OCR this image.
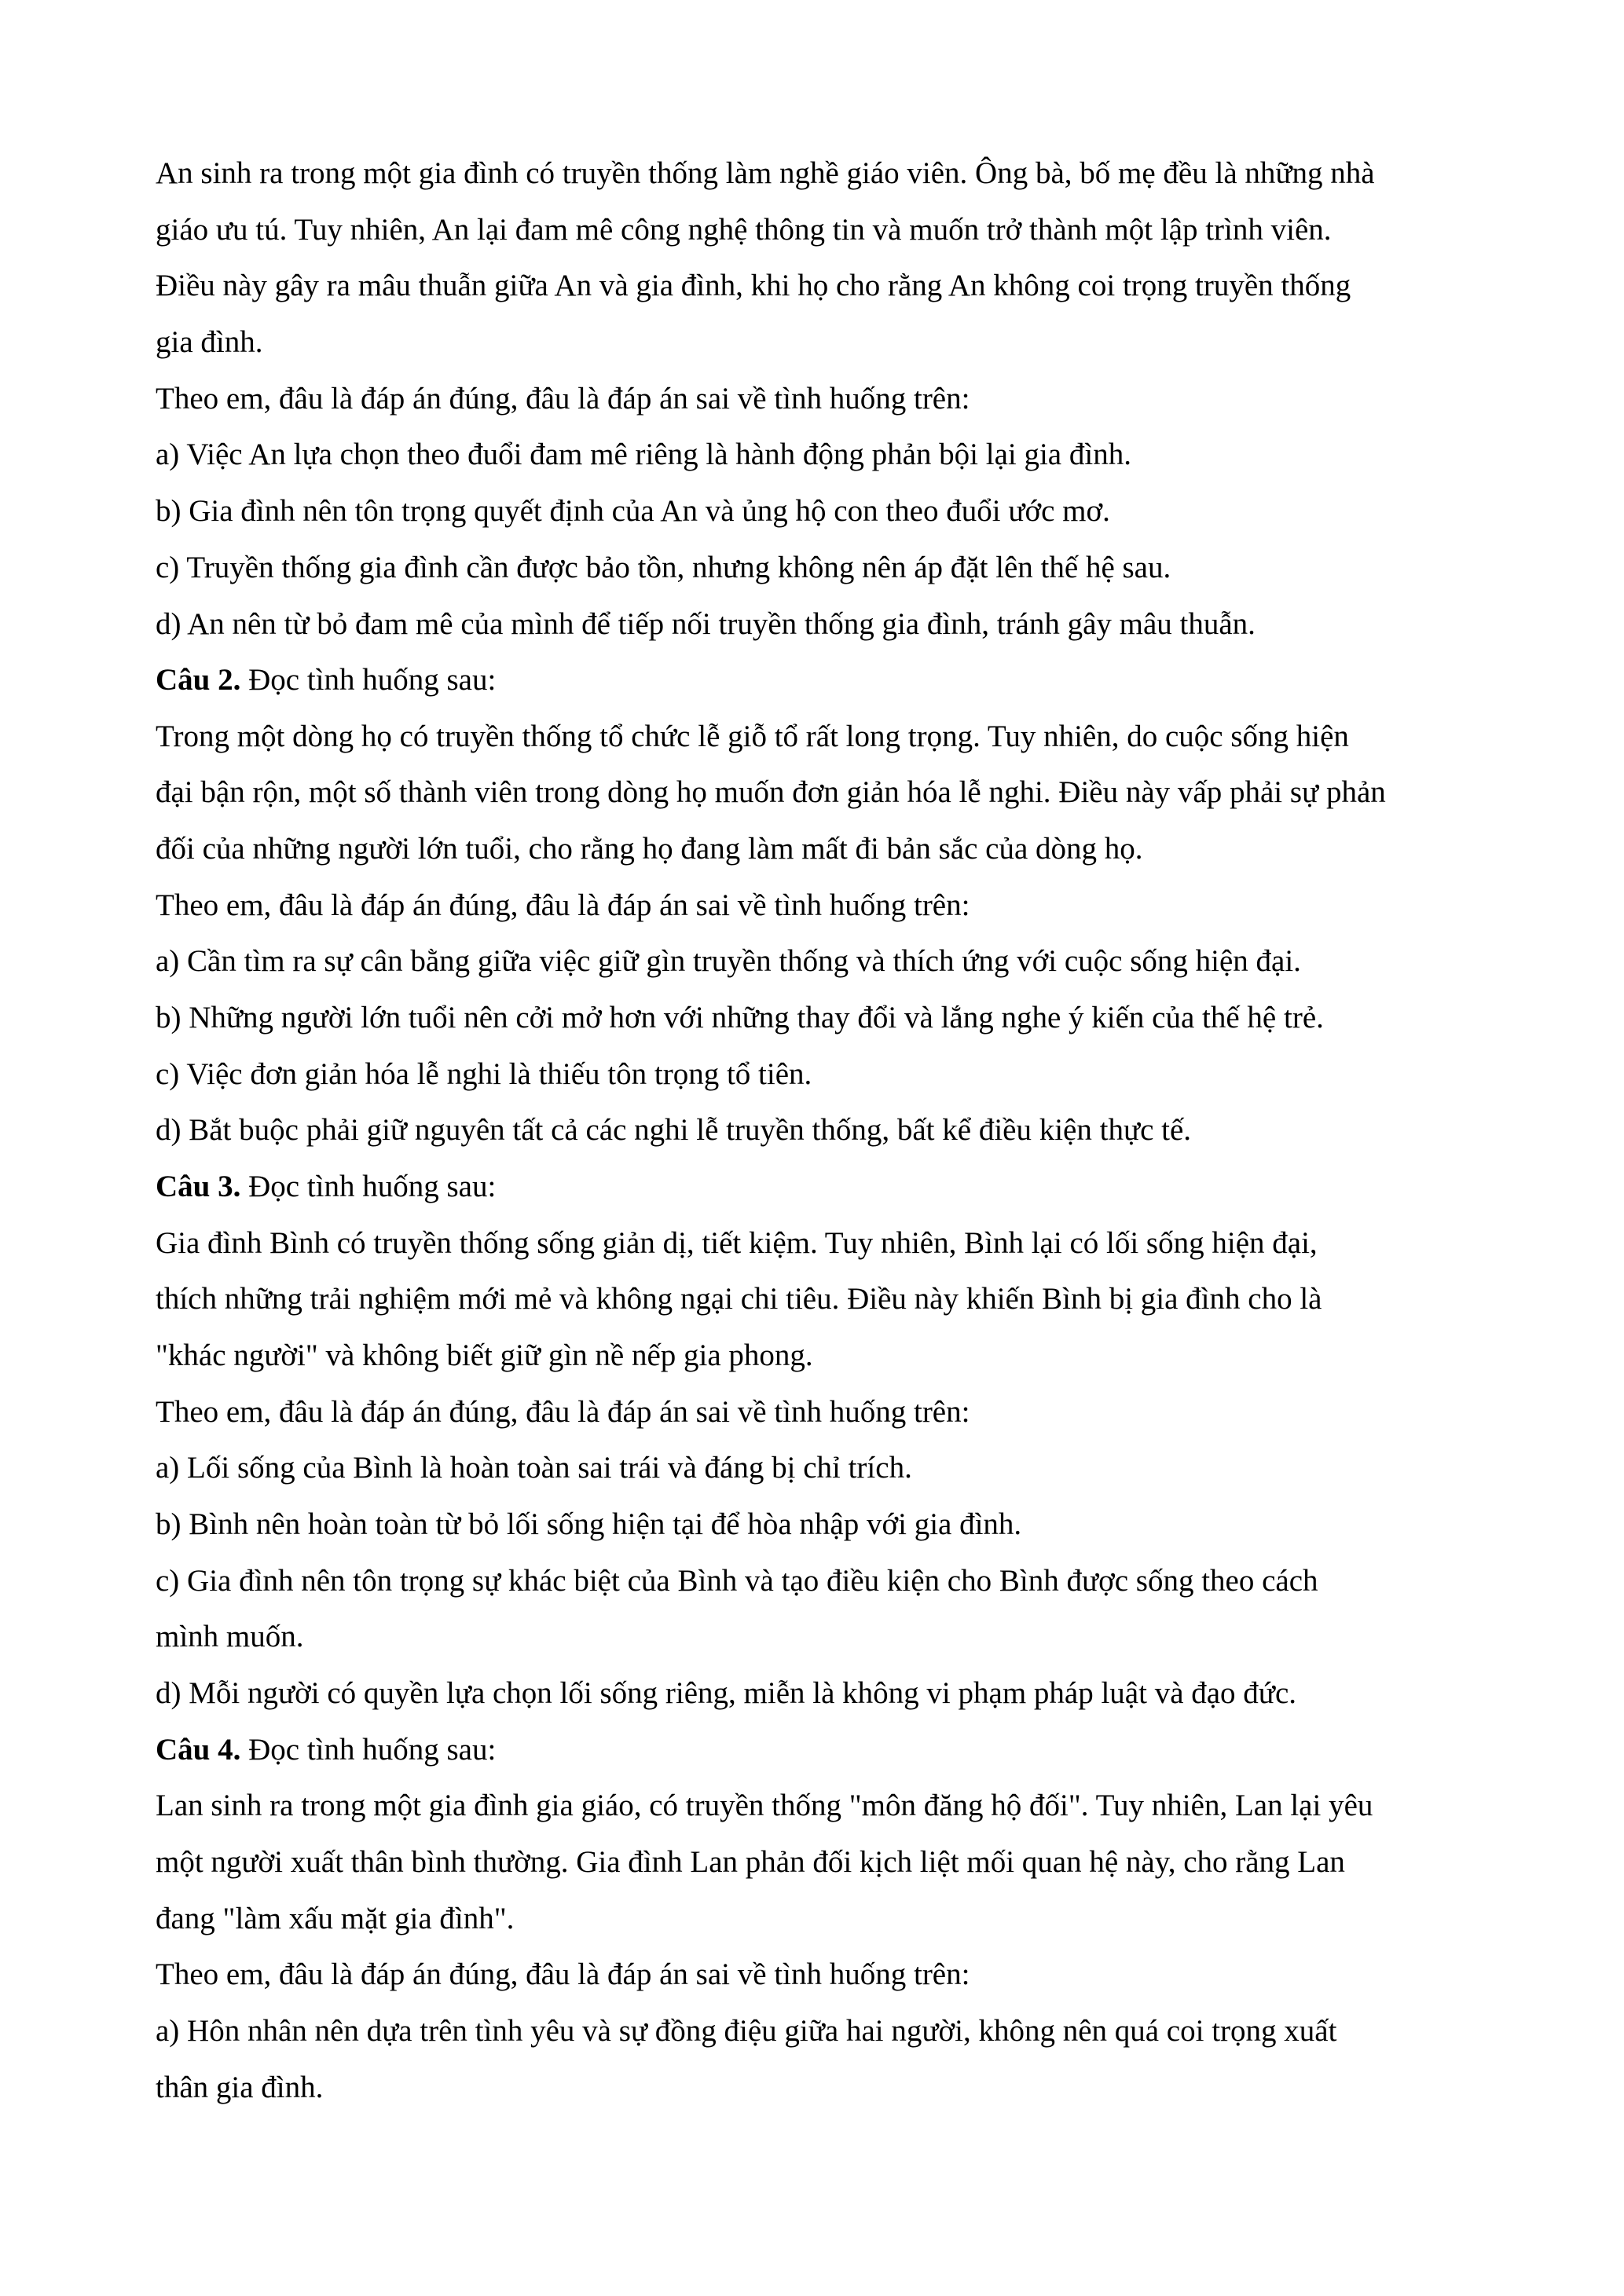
An sinh ra trong một gia đình có truyền thống làm nghề giáo viên. Ông bà, bố mẹ đều là những nhà

giáo ưu tú. Tuy nhiên, An lại đam mê công nghệ thông tin và muốn trở thành một lập trình viên.

Điều này gây ra mâu thuẫn giữa An và gia đình, khi họ cho rằng An không coi trọng truyền thống

gia đình.

Theo em, đâu là đáp án đúng, đâu là đáp án sai về tình huống trên:

a) Việc An lựa chọn theo đuổi đam mê riêng là hành động phản bội lại gia đình.

b) Gia đình nên tôn trọng quyết định của An và ủng hộ con theo đuổi ước mơ.

c) Truyền thống gia đình cần được bảo tồn, nhưng không nên áp đặt lên thế hệ sau.

d) An nên từ bỏ đam mê của mình để tiếp nối truyền thống gia đình, tránh gây mâu thuẫn.

Câu 2. Đọc tình huống sau:

Trong một dòng họ có truyền thống tổ chức lễ giỗ tổ rất long trọng. Tuy nhiên, do cuộc sống hiện

đại bận rộn, một số thành viên trong dòng họ muốn đơn giản hóa lễ nghi. Điều này vấp phải sự phản

đối của những người lớn tuổi, cho rằng họ đang làm mất đi bản sắc của dòng họ.

Theo em, đâu là đáp án đúng, đâu là đáp án sai về tình huống trên:

a) Cần tìm ra sự cân bằng giữa việc giữ gìn truyền thống và thích ứng với cuộc sống hiện đại.

b) Những người lớn tuổi nên cởi mở hơn với những thay đổi và lắng nghe ý kiến của thế hệ trẻ.

c) Việc đơn giản hóa lễ nghi là thiếu tôn trọng tổ tiên.

d) Bắt buộc phải giữ nguyên tất cả các nghi lễ truyền thống, bất kể điều kiện thực tế.

Câu 3. Đọc tình huống sau:

Gia đình Bình có truyền thống sống giản dị, tiết kiệm. Tuy nhiên, Bình lại có lối sống hiện đại,

thích những trải nghiệm mới mẻ và không ngại chi tiêu. Điều này khiến Bình bị gia đình cho là

"khác người" và không biết giữ gìn nề nếp gia phong.

Theo em, đâu là đáp án đúng, đâu là đáp án sai về tình huống trên:

a) Lối sống của Bình là hoàn toàn sai trái và đáng bị chỉ trích.

b) Bình nên hoàn toàn từ bỏ lối sống hiện tại để hòa nhập với gia đình.

c) Gia đình nên tôn trọng sự khác biệt của Bình và tạo điều kiện cho Bình được sống theo cách

mình muốn.

d) Mỗi người có quyền lựa chọn lối sống riêng, miễn là không vi phạm pháp luật và đạo đức.

Câu 4. Đọc tình huống sau:

Lan sinh ra trong một gia đình gia giáo, có truyền thống "môn đăng hộ đối". Tuy nhiên, Lan lại yêu

một người xuất thân bình thường. Gia đình Lan phản đối kịch liệt mối quan hệ này, cho rằng Lan

đang "làm xấu mặt gia đình".

Theo em, đâu là đáp án đúng, đâu là đáp án sai về tình huống trên:

a) Hôn nhân nên dựa trên tình yêu và sự đồng điệu giữa hai người, không nên quá coi trọng xuất

thân gia đình.
